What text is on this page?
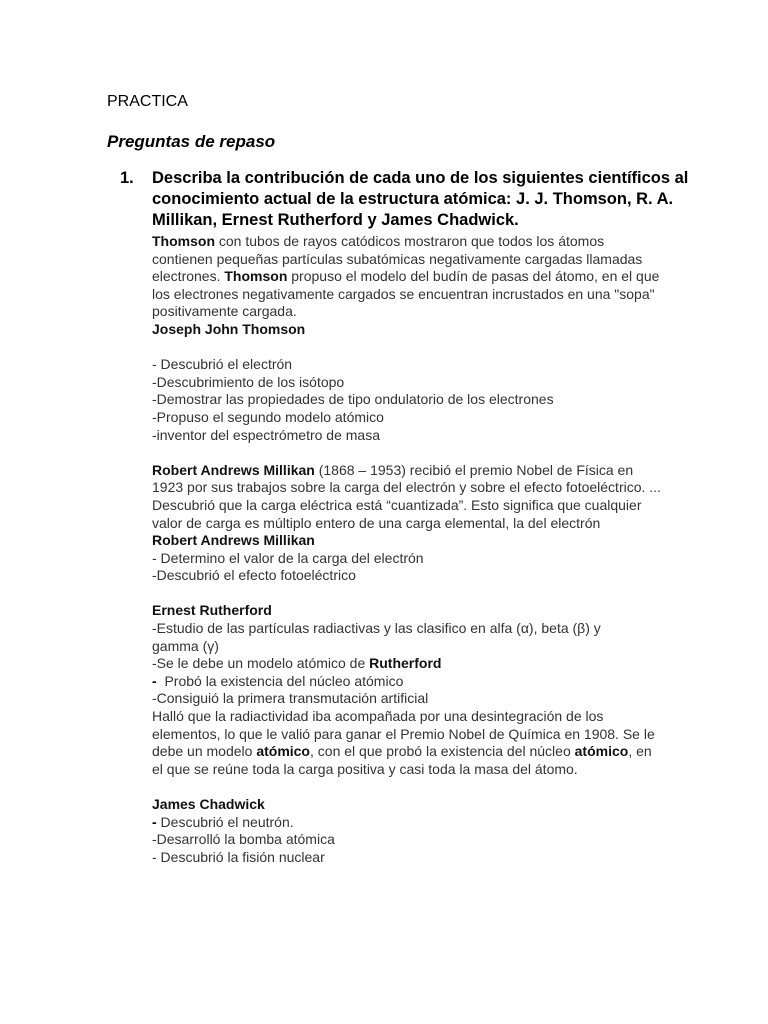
PRACTICA
Preguntas de repaso
1. Describa la contribución de cada uno de los siguientes científicos al conocimiento actual de la estructura atómica: J. J. Thomson, R. A. Millikan, Ernest Rutherford y James Chadwick.

Thomson con tubos de rayos catódicos mostraron que todos los átomos contienen pequeñas partículas subatómicas negativamente cargadas llamadas electrones. Thomson propuso el modelo del budín de pasas del átomo, en el que los electrones negativamente cargados se encuentran incrustados en una "sopa" positivamente cargada.

Joseph John Thomson

- Descubrió el electrón

-Descubrimiento de los isótopo

-Demostrar las propiedades de tipo ondulatorio de los electrones

-Propuso el segundo modelo atómico

-inventor del espectrómetro de masa

Robert Andrews Millikan (1868 – 1953) recibió el premio Nobel de Física en 1923 por sus trabajos sobre la carga del electrón y sobre el efecto fotoeléctrico. ... Descubrió que la carga eléctrica está “cuantizada”. Esto significa que cualquier valor de carga es múltiplo entero de una carga elemental, la del electrón

Robert Andrews Millikan

- Determino el valor de la carga del electrón

-Descubrió el efecto fotoeléctrico

Ernest Rutherford

-Estudio de las partículas radiactivas y las clasifico en alfa (α), beta (β) y gamma (γ)

-Se le debe un modelo atómico de Rutherford

-  Probó la existencia del núcleo atómico

-Consiguió la primera transmutación artificial

Halló que la radiactividad iba acompañada por una desintegración de los elementos, lo que le valió para ganar el Premio Nobel de Química en 1908. Se le debe un modelo atómico, con el que probó la existencia del núcleo atómico, en el que se reúne toda la carga positiva y casi toda la masa del átomo.

James Chadwick

- Descubrió el neutrón.

-Desarrolló la bomba atómica

- Descubrió la fisión nuclear
